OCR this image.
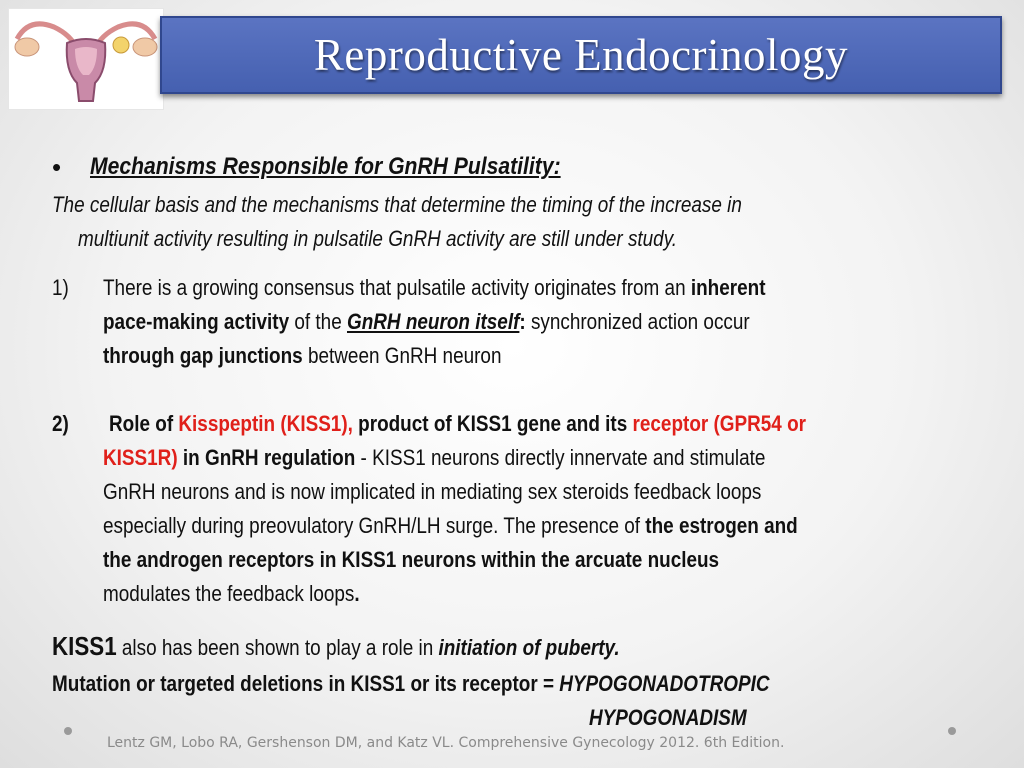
Reproductive Endocrinology
• Mechanisms Responsible for GnRH Pulsatility:
The cellular basis and the mechanisms that determine the timing of the increase in
multiunit activity resulting in pulsatile GnRH activity are still under study.
1) There is a growing consensus that pulsatile activity originates from an inherent
pace-making activity of the GnRH neuron itself: synchronized action occur
through gap junctions between GnRH neuron
2) Role of Kisspeptin (KISS1), product of KISS1 gene and its receptor (GPR54 or
KISS1R) in GnRH regulation - KISS1 neurons directly innervate and stimulate
GnRH neurons and is now implicated in mediating sex steroids feedback loops
especially during preovulatory GnRH/LH surge. The presence of the estrogen and
the androgen receptors in KISS1 neurons within the arcuate nucleus
modulates the feedback loops.
KISS1 also has been shown to play a role in initiation of puberty.
Mutation or targeted deletions in KISS1 or its receptor = HYPOGONADOTROPIC
HYPOGONADISM
Lentz GM, Lobo RA, Gershenson DM, and Katz VL. Comprehensive Gynecology 2012. 6th Edition.
